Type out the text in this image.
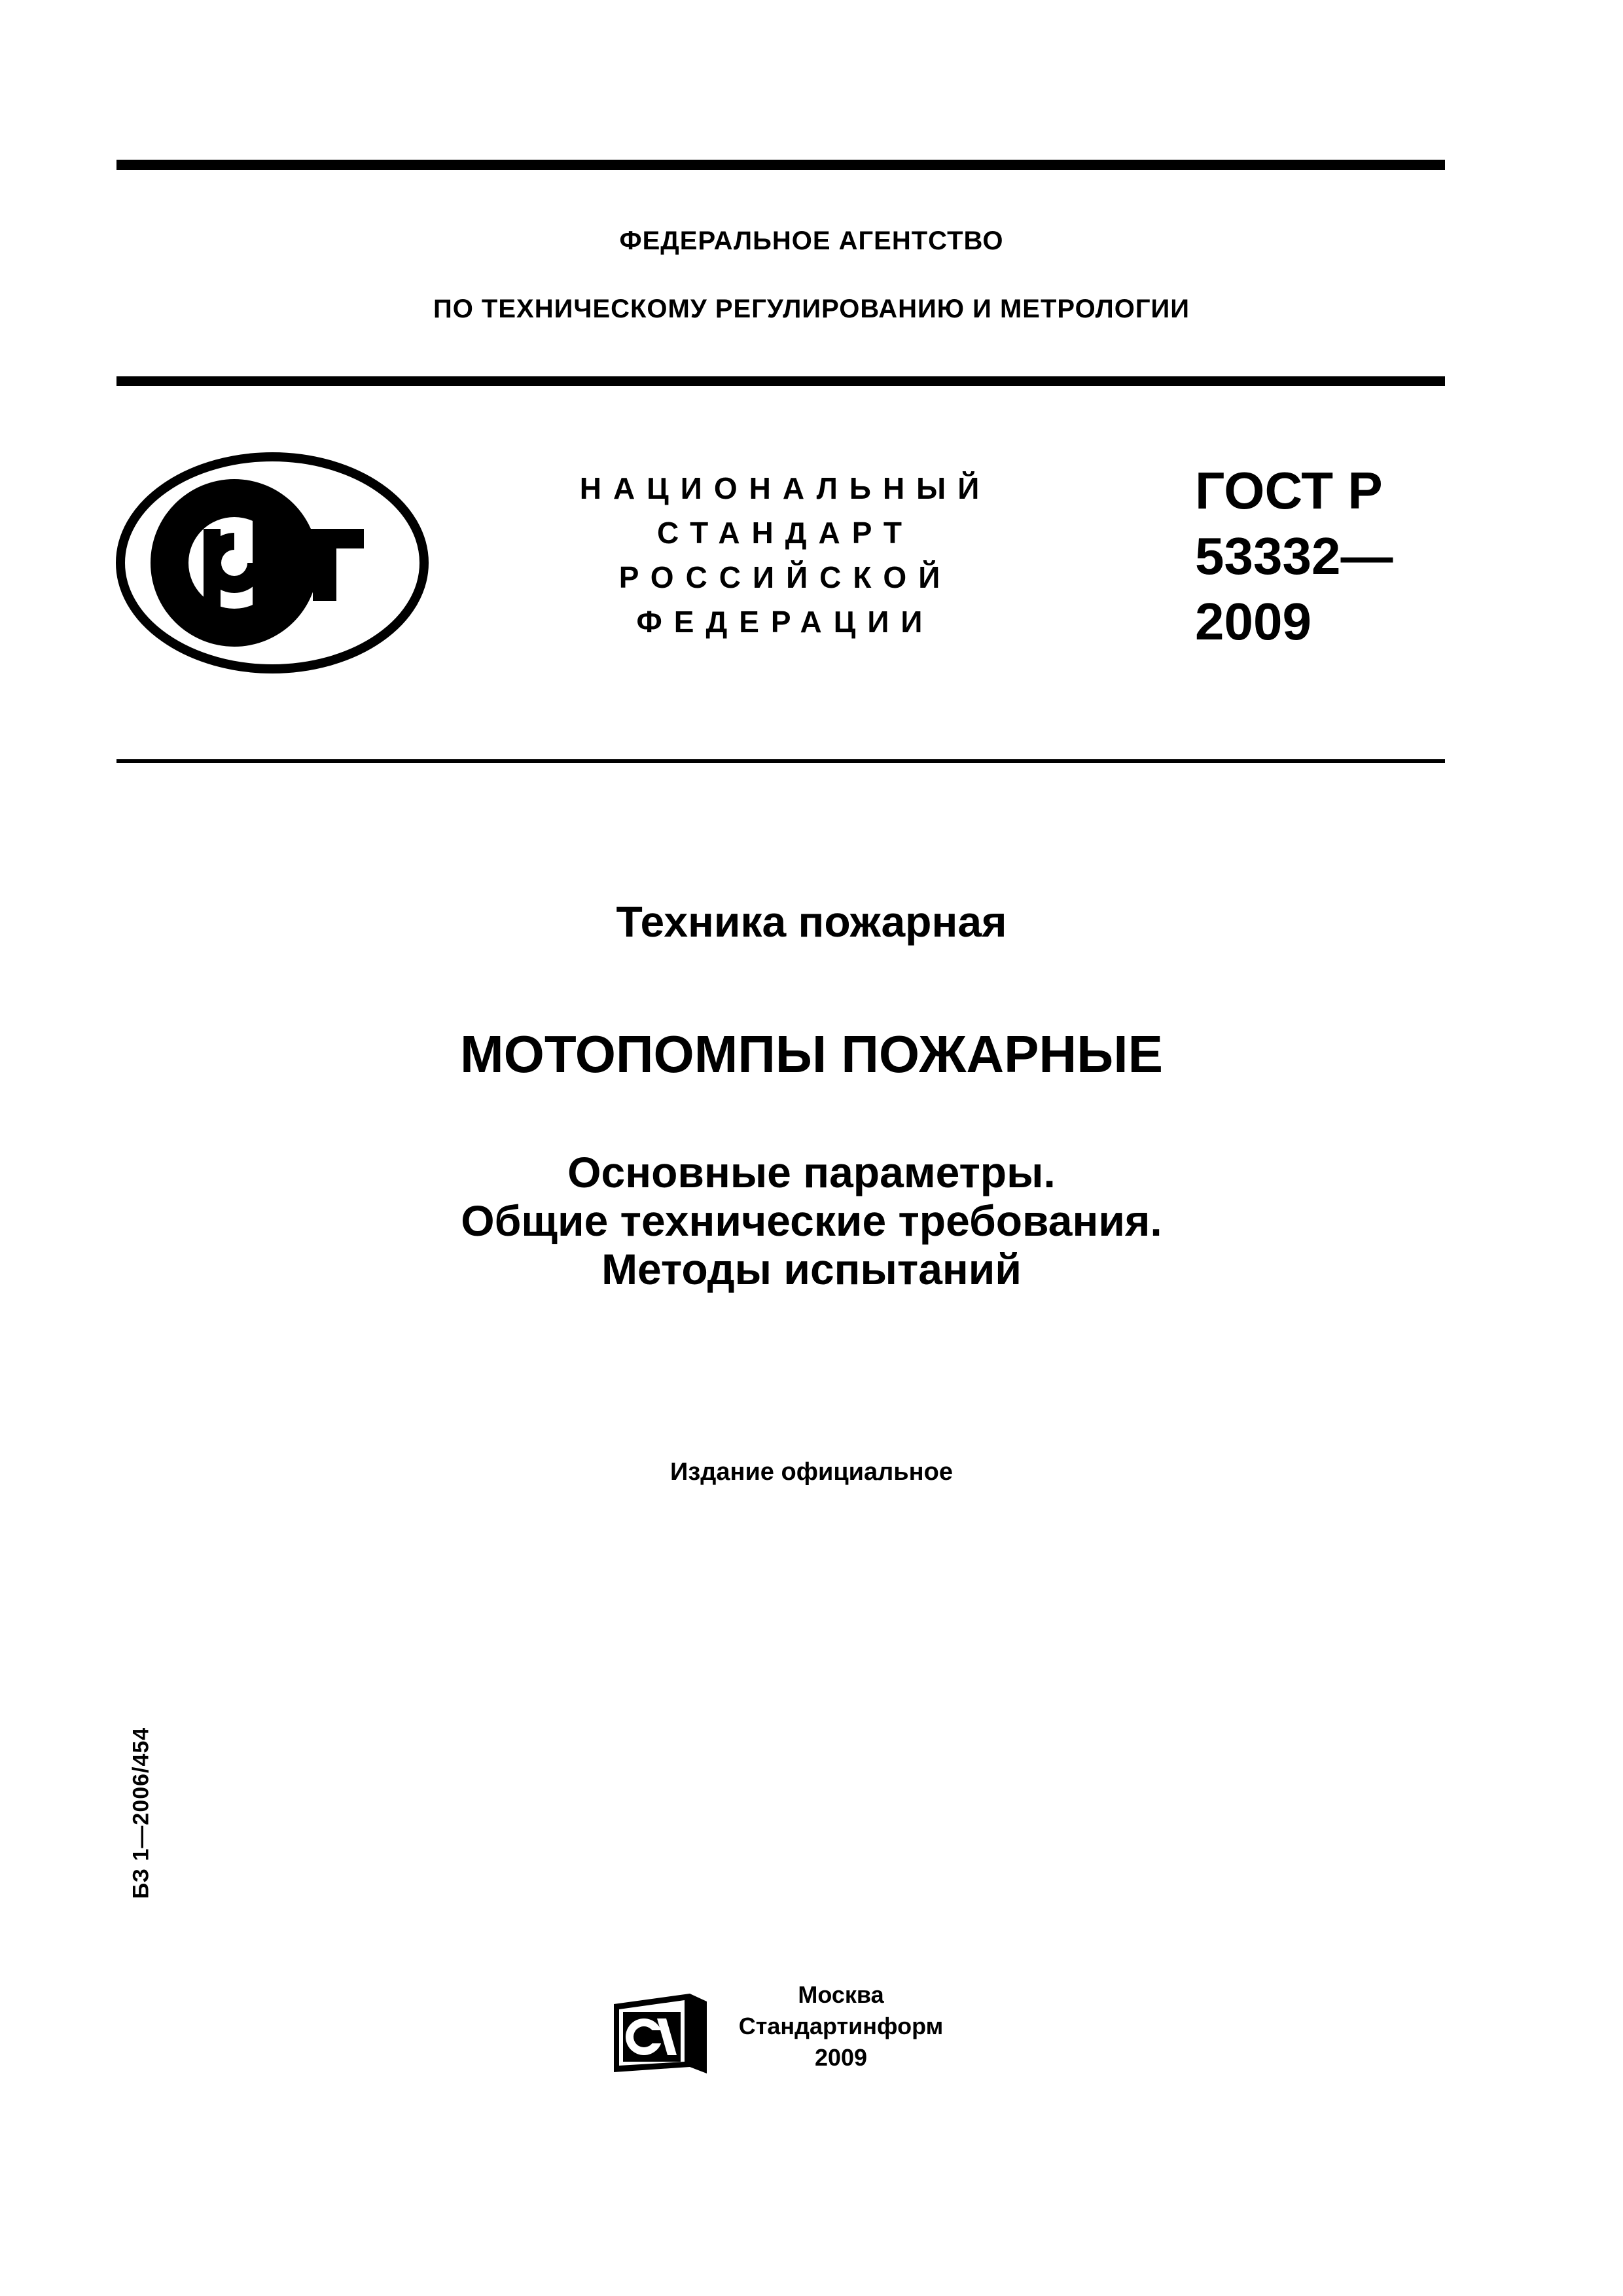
ФЕДЕРАЛЬНОЕ АГЕНТСТВО
ПО ТЕХНИЧЕСКОМУ РЕГУЛИРОВАНИЮ И МЕТРОЛОГИИ
НАЦИОНАЛЬНЫЙ
СТАНДАРТ
РОССИЙСКОЙ
ФЕДЕРАЦИИ
ГОСТ Р
53332—
2009
Техника пожарная
МОТОПОМПЫ ПОЖАРНЫЕ
Основные параметры.
Общие технические требования.
Методы испытаний
Издание официальное
БЗ 1—2006/454
Москва
Стандартинформ
2009
